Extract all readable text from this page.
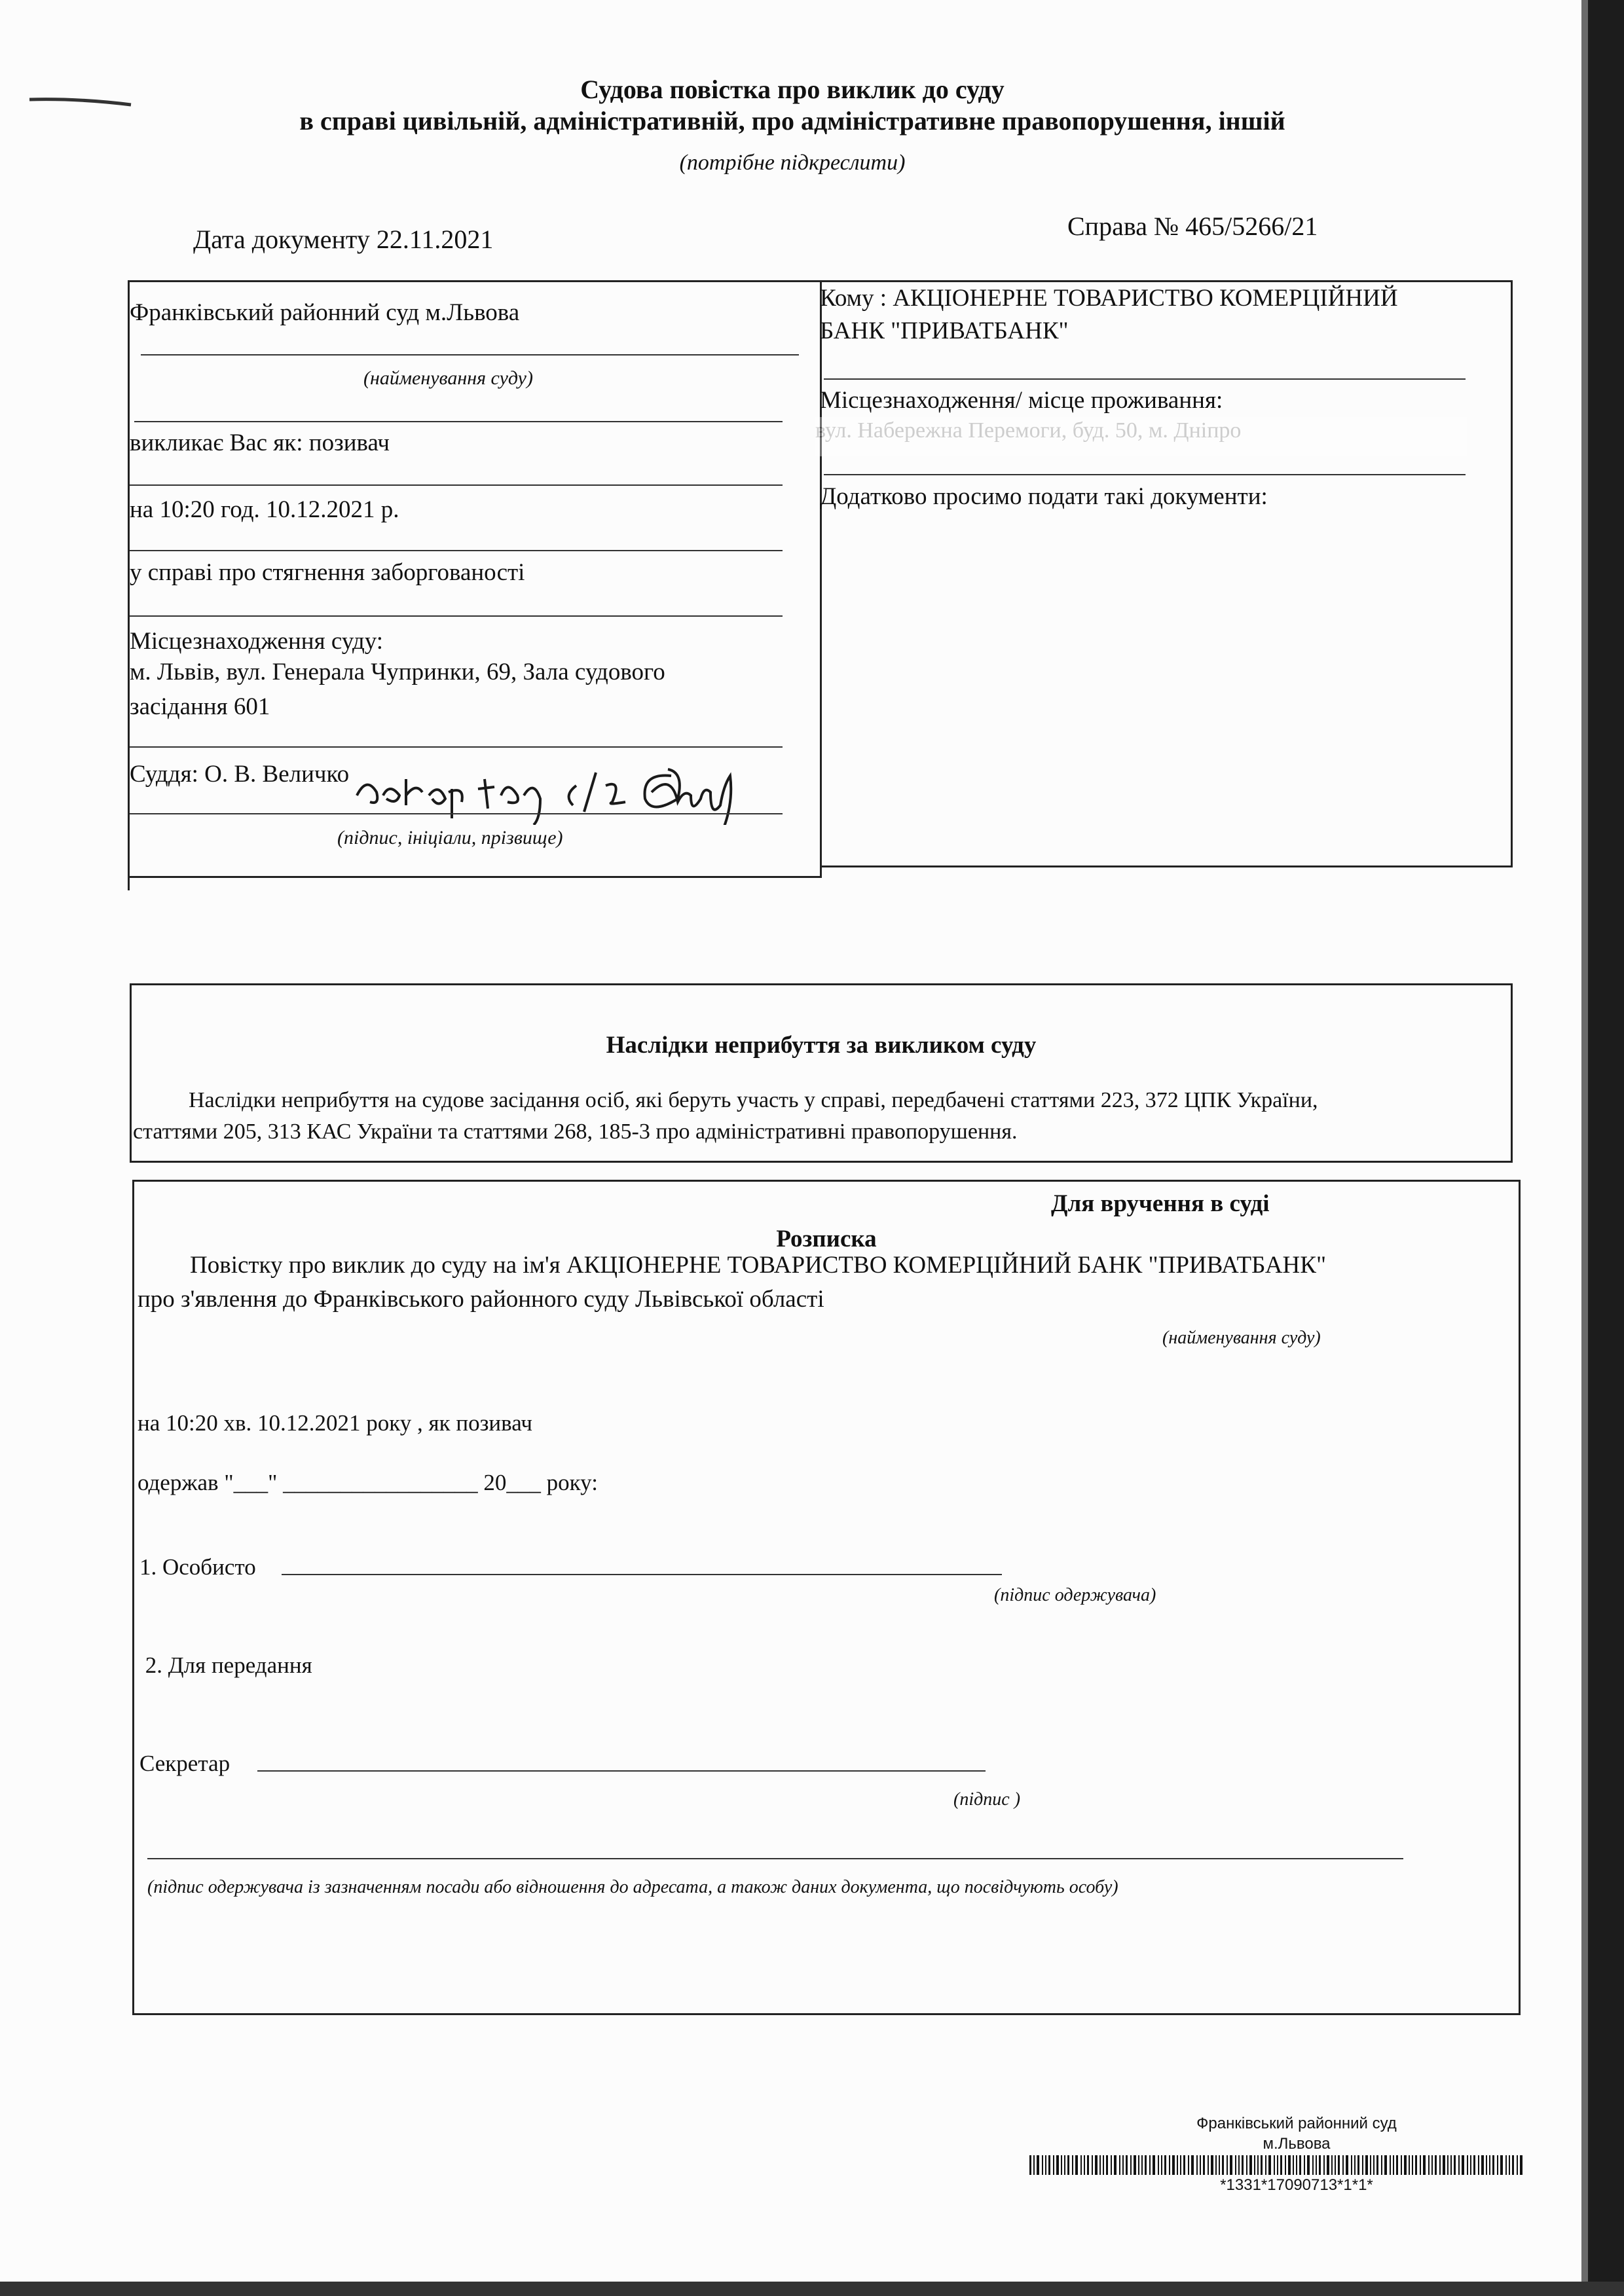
Судова повістка про виклик до суду
в справі цивільній, адміністративній, про адміністративне правопорушення, іншій
(потрібне підкреслити)
Дата документу 22.11.2021	Справа № 465/5266/21
Франківський районний суд м.Львова
(найменування суду)
викликає Вас як: позивач
на 10:20 год. 10.12.2021 р.
у справі про стягнення заборгованості
Місцезнаходження суду:
м. Львів, вул. Генерала Чупринки, 69, Зала судового
засідання 601
Суддя: О. В. Величко
(підпис, ініціали, прізвище)
Кому : АКЦІОНЕРНЕ ТОВАРИСТВО КОМЕРЦІЙНИЙ
БАНК "ПРИВАТБАНК"
Місцезнаходження/ місце проживання:
вул. Набережна Перемоги, буд. 50, м. Дніпро
Додатково просимо подати такі документи:
Наслідки неприбуття за викликом суду
Наслідки неприбуття на судове засідання осіб, які беруть участь у справі, передбачені статтями 223, 372 ЦПК України,
статтями 205, 313 КАС України та статтями 268, 185-3 про адміністративні правопорушення.
Для вручення в суді
Розписка
Повістку про виклик до суду на ім'я АКЦІОНЕРНЕ ТОВАРИСТВО КОМЕРЦІЙНИЙ БАНК "ПРИВАТБАНК"
про з'явлення до Франківського районного суду Львівської області
(найменування суду)
на 10:20 хв. 10.12.2021 року , як позивач
одержав "___" _________________ 20___ року:
1. Особисто
(підпис одержувача)
2. Для передання
Секретар
(підпис )
(підпис одержувача із зазначенням посади або відношення до адресата, а також даних документа, що посвідчують особу)
Франківський районний суд
м.Львова
*1331*17090713*1*1*
